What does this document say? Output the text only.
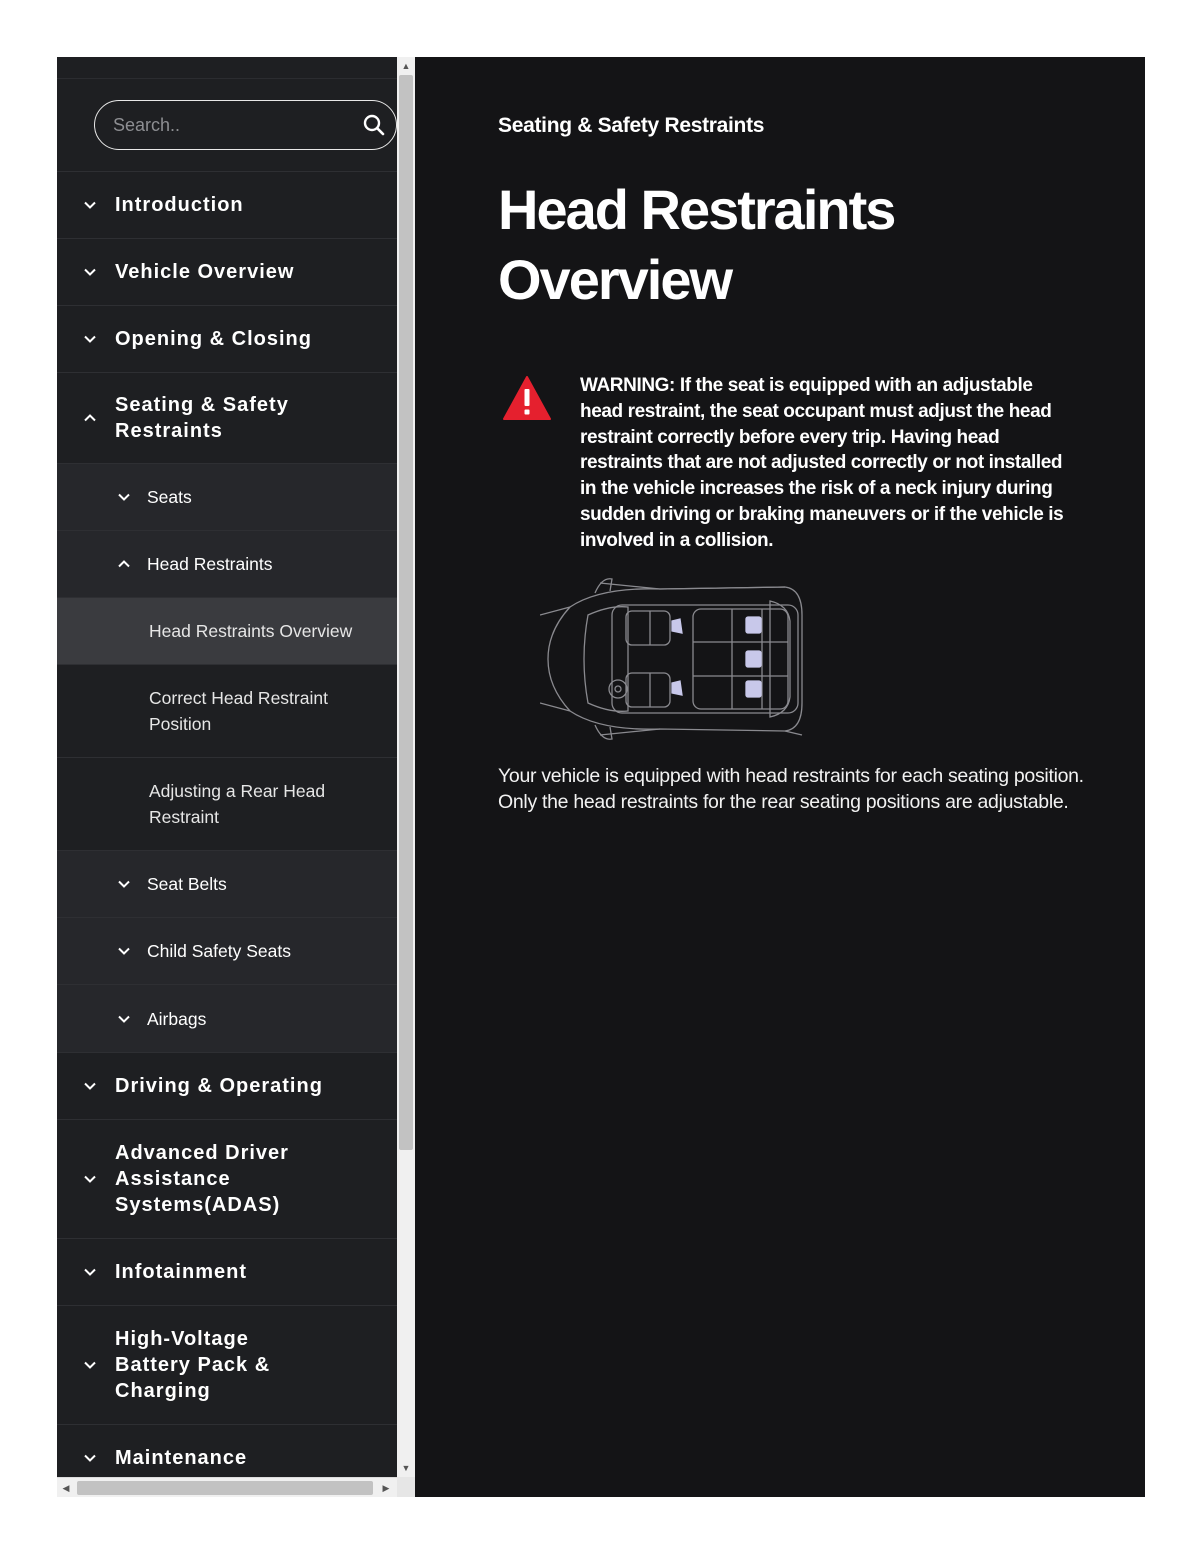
Search..
Introduction
Vehicle Overview
Opening & Closing
Seating & Safety Restraints
Seats
Head Restraints
Head Restraints Overview
Correct Head Restraint Position
Adjusting a Rear Head Restraint
Seat Belts
Child Safety Seats
Airbags
Driving & Operating
Advanced Driver Assistance Systems(ADAS)
Infotainment
High-Voltage Battery Pack & Charging
Maintenance
▲
▼
◀	▶
Seating & Safety Restraints
Head Restraints Overview

WARNING: If the seat is equipped with an adjustable head restraint, the seat occupant must adjust the head restraint correctly before every trip. Having head restraints that are not adjusted correctly or not installed in the vehicle increases the risk of a neck injury during sudden driving or braking maneuvers or if the vehicle is involved in a collision.

Your vehicle is equipped with head restraints for each seating position. Only the head restraints for the rear seating positions are adjustable.
